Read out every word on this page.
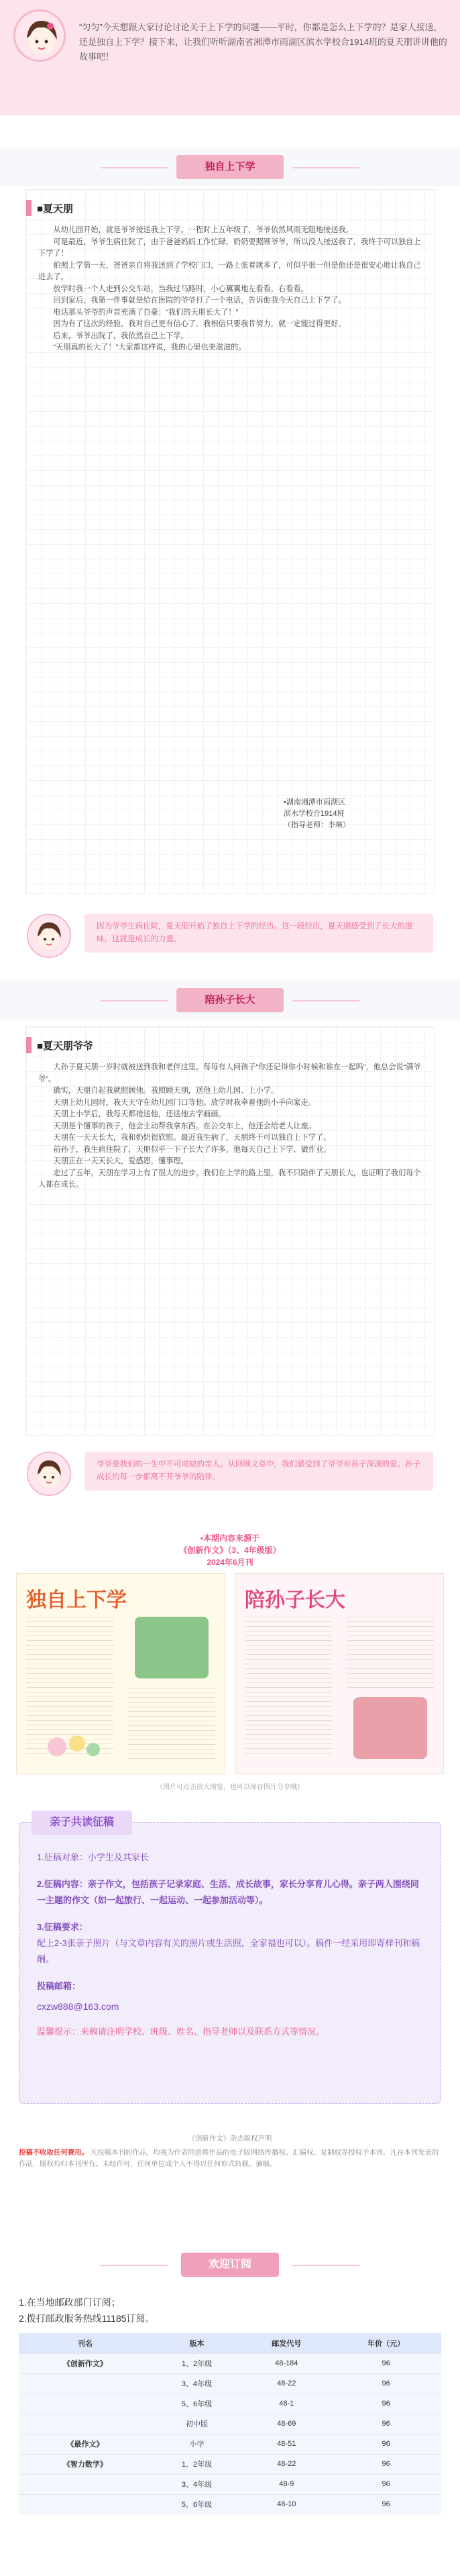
“匀匀”今天想跟大家讨论讨论关于上下学的问题——平时，你都是怎么上下学的？是家人接送，还是独自上下学？接下来，让我们听听湖南省湘潭市雨湖区滨水学校合1914班的夏天朋讲讲他的故事吧！
独自上下学
■夏天朋

从幼儿园开始，就是爷爷接送我上下学。一程时上五年级了，爷爷依然风雨无阻地接送我。

可是最近，爷爷生病住院了，由于爸爸妈妈工作忙碌，奶奶要照顾爷爷，所以没人接送我了，我终于可以独自上下学了！

拍照上学第一天，爸爸亲自将我送到了学校门口，一路上张着就多了，可似乎很一但是他还是很安心地让我自己进去了。

放学时我一个人走到公交车站，当我过马路时，小心翼翼地左看看，右看看。

回到家后，我第一件事就是给在医院的爷爷打了一个电话，告诉他我今天自己上下学了。

电话那头爷爷的声音充满了自豪：“我们的天朋长大了！”

因为有了这次的经验，我对自己更有信心了。我相信只要我肯努力，就一定能过得更好。

后来，爷爷出院了，我依然自己上下学。

“天朋真的长大了！”大家都这样说，我的心里也美滋滋的。

•湖南湘潭市雨湖区
滨水学校合1914班
（指导老师：李琳）
因为爷爷生病住院，夏天朋开始了独自上下学的经历。这一段经历，夏天朋感受到了长大的滋味，这就是成长的力量。
陪孙子长大
■夏天朋爷爷

大孙子夏天朋一岁时就被送到我和老伴这里。每每有人问孩子“你还记得你小时候和谁在一起吗”，他总会说“满爷爷”。

确实，天朋自起我就照顾他。我照顾天朋，送他上幼儿园、上小学。

天朋上幼儿园时，我天天守在幼儿园门口等他。放学时我牵着他的小手向家走。

天朋上小学后，我每天都接送他，还送他去学画画。

天朋是个懂事的孩子，他会主动帮我拿东西。在公交车上，他还会给老人让座。

天朋在一天天长大，我和奶奶很欣慰。最近我生病了，天朋终于可以独自上下学了。

前孙子，我生病住院了，天朋似乎一下子长大了许多。他每天自己上下学、做作业。

天朋正在一天天长大，爱感恩，懂事理。

走过了五年，天朋在学习上有了很大的进步。我们在上学的路上里，我不只陪伴了天朋长大，也证明了我们每个人都在成长。

爷爷是我们的一生中不可或缺的亲人。从回顾文章中，我们感受到了爷爷对孙子深深的爱。孙子成长的每一步都离不开爷爷的陪伴。
•本期内容来源于
《创新作文》（3、4年级版）
2024年6月刊
独自上下学	陪孙子长大
（图片可点击放大浏览，也可以保存图片分享哦）
亲子共读征稿
1.征稿对象：小学生及其家长
2.征稿内容：亲子作文，包括孩子记录家庭、生活、成长故事，家长分享育儿心得。亲子两人围绕同一主题的作文（如一起旅行、一起运动、一起参加活动等）。
3.征稿要求：
配上2-3张亲子照片（与文章内容有关的照片或生活照，全家福也可以）。稿件一经采用即寄样刊和稿酬。
投稿邮箱：
cxzw888@163.com
温馨提示：来稿请注明学校、班级、姓名、指导老师以及联系方式等情况。
《创新作文》杂志版权声明
投稿不收取任何费用。 凡投稿本刊的作品，均视为作者同意将作品的电子版网络传播权、汇编权、复制权等授权予本刊。凡在本刊发表的作品，版权均归本刊所有。未经许可，任何单位或个人不得以任何形式转载、摘编。
欢迎订阅
1.在当地邮政部门订阅；
2.拨打邮政服务热线11185订阅。
刊名	版本	邮发代号	年价（元）
《创新作文》	1、2年级	48-184	96
	3、4年级	48-22	96
	5、6年级	48-1	96
	初中版	48-69	96
《最作文》	小学	48-51	96
《智力数学》	1、2年级	48-22	96
	3、4年级	48-9	96
	5、6年级	48-10	96
